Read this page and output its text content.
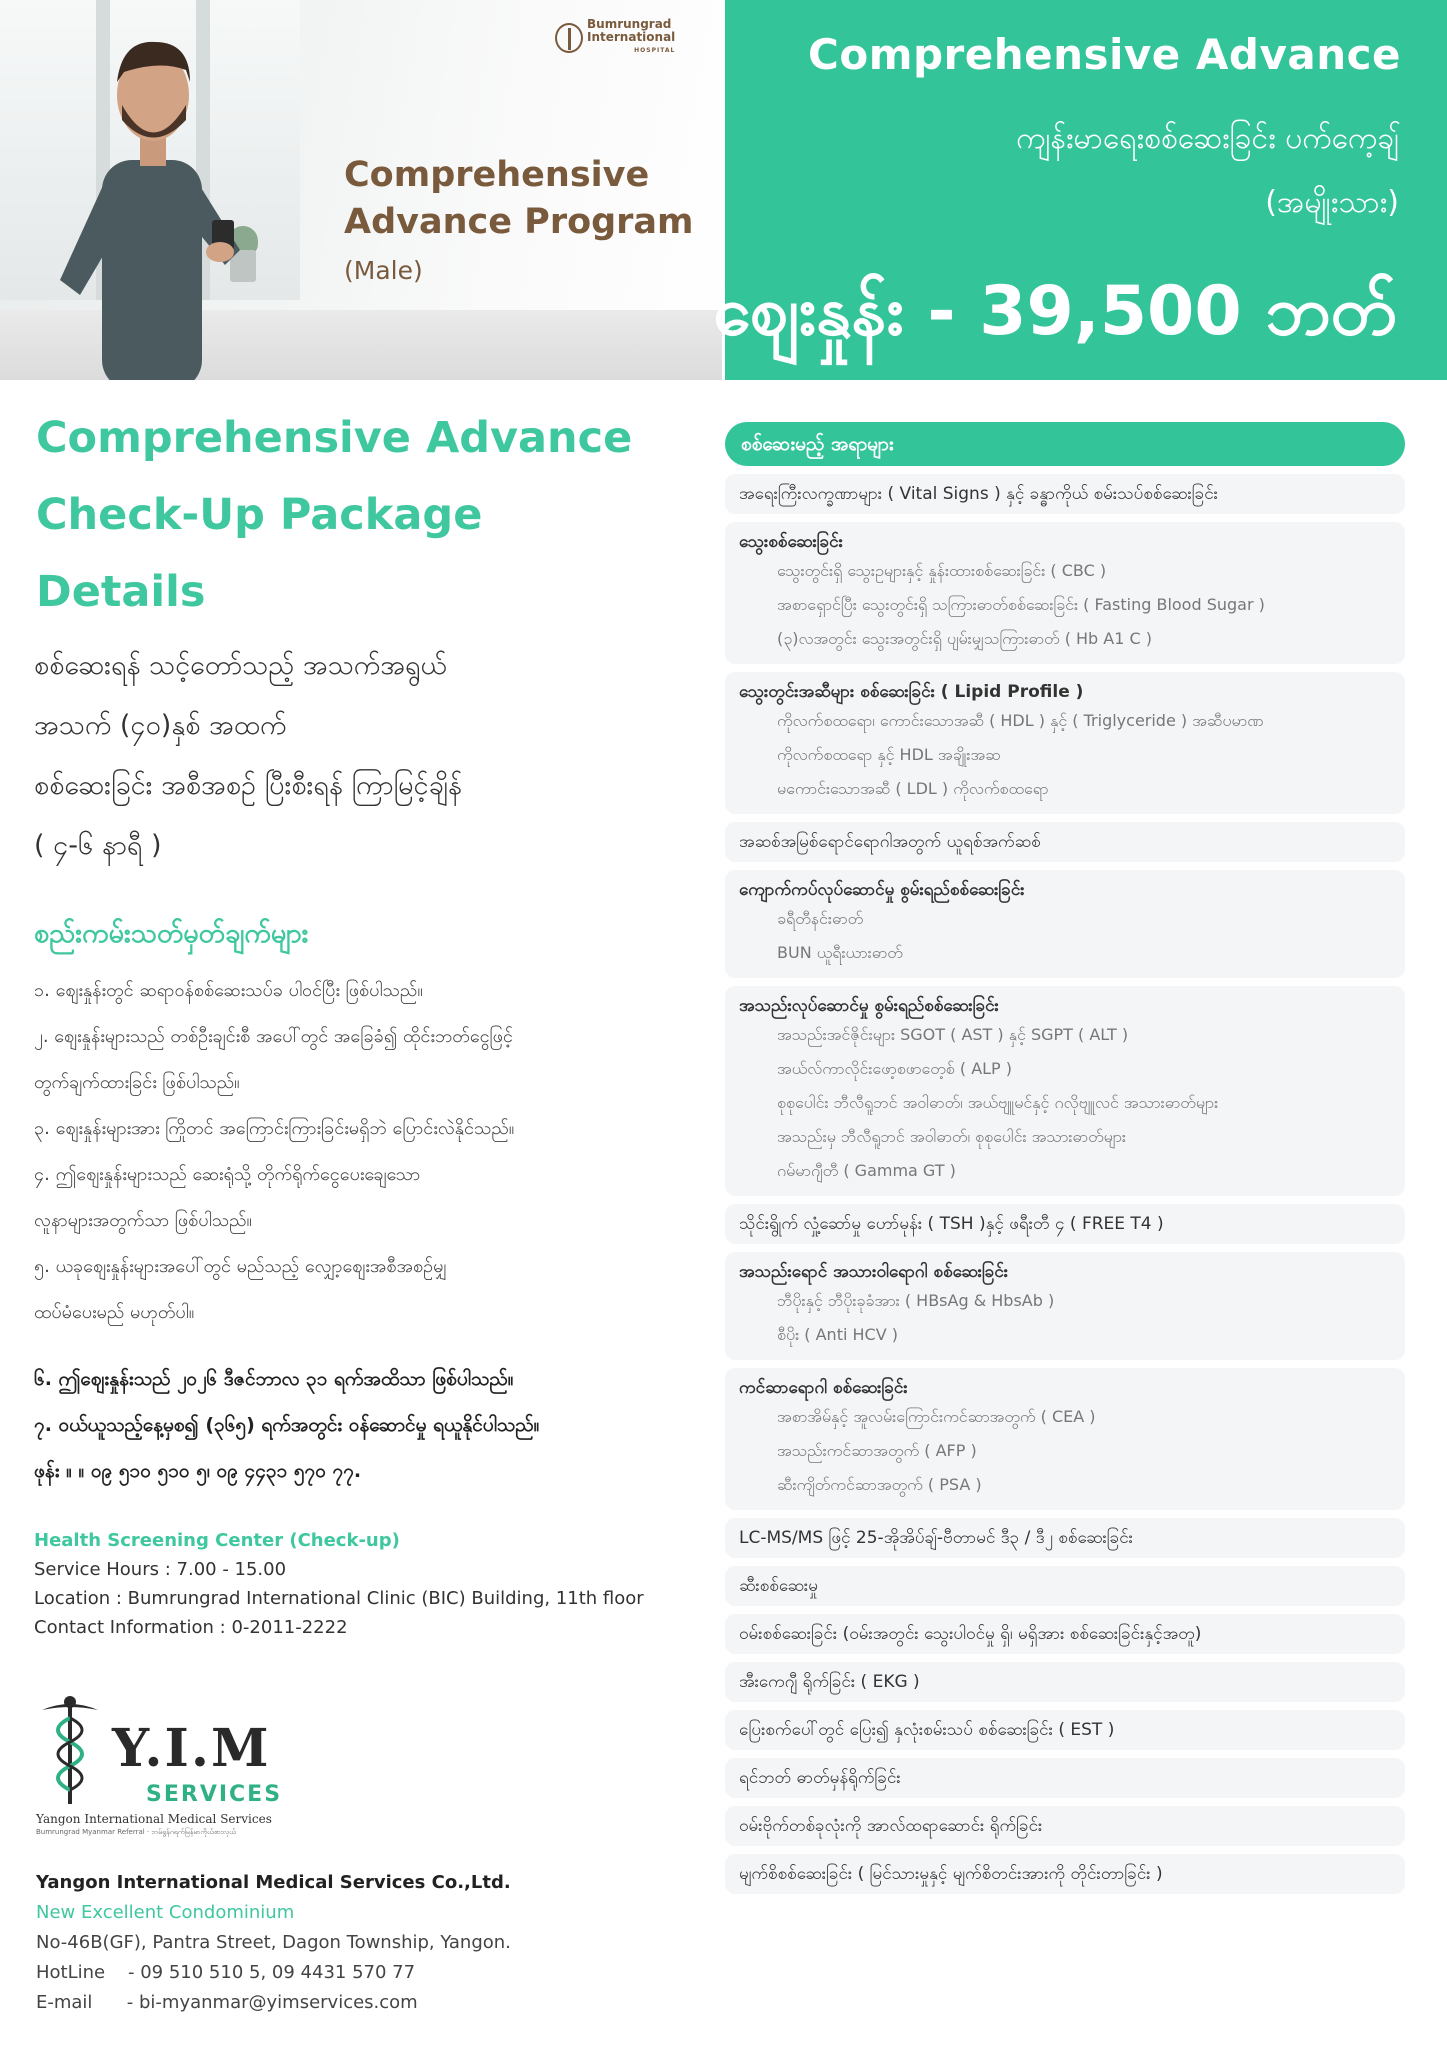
Bumrungrad
International
HOSPITAL
Comprehensive
Advance Program
(Male)
Comprehensive Advance
ကျန်းမာရေးစစ်ဆေးခြင်း ပက်ကေ့ချ်
(အမျိုးသား)
စျေးနှုန်း - 39,500 ဘတ်
Comprehensive Advance
Check-Up Package
Details
စစ်ဆေးရန် သင့်တော်သည့် အသက်အရွယ်
အသက် (၄၀)နှစ် အထက်
စစ်ဆေးခြင်း အစီအစဉ် ပြီးစီးရန် ကြာမြင့်ချိန်
( ၄-၆ နာရီ )
စည်းကမ်းသတ်မှတ်ချက်များ
၁. စျေးနှုန်းတွင် ဆရာဝန်စစ်ဆေးသပ်ခ ပါဝင်ပြီး ဖြစ်ပါသည်။
၂. စျေးနှုန်းများသည် တစ်ဦးချင်းစီ အပေါ်တွင် အခြေခံ၍ ထိုင်းဘတ်ငွေဖြင့်
တွက်ချက်ထားခြင်း ဖြစ်ပါသည်။
၃. စျေးနှုန်းများအား ကြိုတင် အကြောင်းကြားခြင်းမရှိဘဲ ပြောင်းလဲနိုင်သည်။
၄. ဤစျေးနှုန်းများသည် ဆေးရုံသို့ တိုက်ရိုက်ငွေပေးချေသော
လူနာများအတွက်သာ ဖြစ်ပါသည်။
၅. ယခုစျေးနှုန်းများအပေါ်တွင် မည်သည့် လျှော့စျေးအစီအစဉ်မျှ
ထပ်မံပေးမည် မဟုတ်ပါ။
၆. ဤစျေးနှုန်းသည် ၂၀၂၆ ဒီဇင်ဘာလ ၃၁ ရက်အထိသာ ဖြစ်ပါသည်။
၇. ဝယ်ယူသည့်နေ့မှစ၍ (၃၆၅) ရက်အတွင်း ဝန်ဆောင်မှု ရယူနိုင်ပါသည်။
ဖုန်း ။ ။ ၀၉ ၅၁၀ ၅၁၀ ၅၊ ၀၉ ၄၄၃၁ ၅၇၀ ၇၇.
Health Screening Center (Check-up)
Service Hours : 7.00 - 15.00
Location : Bumrungrad International Clinic (BIC) Building, 11th floor
Contact Information : 0-2011-2222
Y.I.M
SERVICES
Yangon International Medical Services
Bumrungrad Myanmar Referral · ဘမ်ရွန်ဂရက်မြန်မာကိုယ်စားလှယ်
Yangon International Medical Services Co.,Ltd.
New Excellent Condominium
No-46B(GF), Pantra Street, Dagon Township, Yangon.
HotLine - 09 510 510 5, 09 4431 570 77
E-mail - bi-myanmar@yimservices.com
စစ်ဆေးမည့် အရာများ
အရေးကြီးလက္ခဏာများ ( Vital Signs ) နှင့် ခန္ဓာကိုယ် စမ်းသပ်စစ်ဆေးခြင်း
သွေးစစ်ဆေးခြင်း
သွေးတွင်းရှိ သွေးဥများနှင့် နှုန်းထားစစ်ဆေးခြင်း ( CBC )
အစာရှောင်ပြီး သွေးတွင်းရှိ သကြားဓာတ်စစ်ဆေးခြင်း ( Fasting Blood Sugar )
(၃)လအတွင်း သွေးအတွင်းရှိ ပျမ်းမျှသကြားဓာတ် ( Hb A1 C )
သွေးတွင်းအဆီများ စစ်ဆေးခြင်း ( Lipid Profile )
ကိုလက်စထရော၊ ကောင်းသောအဆီ ( HDL ) နှင့် ( Triglyceride ) အဆီပမာဏ
ကိုလက်စထရော နှင့် HDL အချိုးအဆ
မကောင်းသောအဆီ ( LDL ) ကိုလက်စထရော
အဆစ်အမြစ်ရောင်ရောဂါအတွက် ယူရစ်အက်ဆစ်
ကျောက်ကပ်လုပ်ဆောင်မှု စွမ်းရည်စစ်ဆေးခြင်း
ခရီတီနင်းဓာတ်
BUN ယူရီးယားဓာတ်
အသည်းလုပ်ဆောင်မှု စွမ်းရည်စစ်ဆေးခြင်း
အသည်းအင်ဇိုင်းများ SGOT ( AST ) နှင့် SGPT ( ALT )
အယ်လ်ကာလိုင်းဖော့စဖာတေ့စ် ( ALP )
စုစုပေါင်း ဘီလီရူဘင် အဝါဓာတ်၊ အယ်ဗျူမင်နှင့် ဂလိုဗျူလင် အသားဓာတ်များ
အသည်းမှ ဘီလီရူဘင် အဝါဓာတ်၊ စုစုပေါင်း အသားဓာတ်များ
ဂမ်မာဂျီတီ ( Gamma GT )
သိုင်းရွိုက် လှုံ့ဆော်မှု ဟော်မုန်း ( TSH )နှင့် ဖရီးတီ ၄ ( FREE T4 )
အသည်းရောင် အသားဝါရောဂါ စစ်ဆေးခြင်း
ဘီပိုးနှင့် ဘီပိုးခုခံအား ( HBsAg & HbsAb )
စီပိုး ( Anti HCV )
ကင်ဆာရောဂါ စစ်ဆေးခြင်း
အစာအိမ်နှင့် အူလမ်းကြောင်းကင်ဆာအတွက် ( CEA )
အသည်းကင်ဆာအတွက် ( AFP )
ဆီးကျိတ်ကင်ဆာအတွက် ( PSA )
LC-MS/MS ဖြင့် 25-အိုအိပ်ချ်-ဗီတာမင် ဒီ၃ / ဒီ၂ စစ်ဆေးခြင်း
ဆီးစစ်ဆေးမှု
ဝမ်းစစ်ဆေးခြင်း (ဝမ်းအတွင်း သွေးပါဝင်မှု ရှိ၊ မရှိအား စစ်ဆေးခြင်းနှင့်အတူ)
အီးကေဂျီ ရိုက်ခြင်း ( EKG )
ပြေးစက်ပေါ်တွင် ပြေး၍ နှလုံးစမ်းသပ် စစ်ဆေးခြင်း ( EST )
ရင်ဘတ် ဓာတ်မှန်ရိုက်ခြင်း
ဝမ်းဗိုက်တစ်ခုလုံးကို အာလ်ထရာဆောင်း ရိုက်ခြင်း
မျက်စိစစ်ဆေးခြင်း ( မြင်သားမှုနှင့် မျက်စိတင်းအားကို တိုင်းတာခြင်း )
